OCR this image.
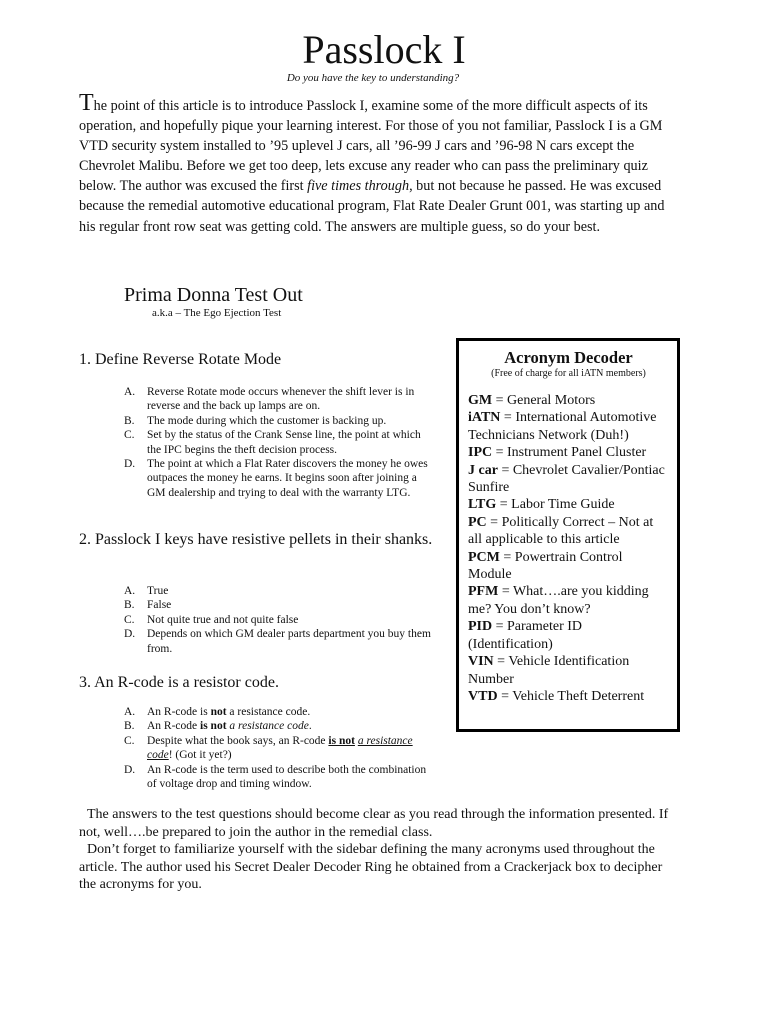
Passlock I
Do you have the key to understanding?
The point of this article is to introduce Passlock I, examine some of the more difficult aspects of its operation, and hopefully pique your learning interest. For those of you not familiar, Passlock I is a GM VTD security system installed to ’95 uplevel J cars, all ’96-99 J cars and ’96-98 N cars except the Chevrolet Malibu. Before we get too deep, lets excuse any reader who can pass the preliminary quiz below. The author was excused the first five times through, but not because he passed. He was excused because the remedial automotive educational program, Flat Rate Dealer Grunt 001, was starting up and his regular front row seat was getting cold. The answers are multiple guess, so do your best.
Prima Donna Test Out
a.k.a – The Ego Ejection Test
1. Define Reverse Rotate Mode
A.	Reverse Rotate mode occurs whenever the shift lever is in reverse and the back up lamps are on.
B.	The mode during which the customer is backing up.
C.	Set by the status of the Crank Sense line, the point at which the IPC begins the theft decision process.
D.	The point at which a Flat Rater discovers the money he owes outpaces the money he earns. It begins soon after joining a GM dealership and trying to deal with the warranty LTG.
2. Passlock I keys have resistive pellets in their shanks.
A.	True
B.	False
C.	Not quite true and not quite false
D.	Depends on which GM dealer parts department you buy them from.
3. An R-code is a resistor code.
A.	An R-code is not a resistance code.
B.	An R-code is not a resistance code.
C.	Despite what the book says, an R-code is not a resistance code! (Got it yet?)
D.	An R-code is the term used to describe both the combination of voltage drop and timing window.
Acronym Decoder
(Free of charge for all iATN members)
GM = General Motors
iATN = International Automotive Technicians Network (Duh!)
IPC = Instrument Panel Cluster
J car = Chevrolet Cavalier/Pontiac Sunfire
LTG = Labor Time Guide
PC = Politically Correct – Not at all applicable to this article
PCM = Powertrain Control Module
PFM = What….are you kidding me? You don’t know?
PID = Parameter ID (Identification)
VIN = Vehicle Identification Number
VTD = Vehicle Theft Deterrent

The answers to the test questions should become clear as you read through the information presented. If not, well….be prepared to join the author in the remedial class.

Don’t forget to familiarize yourself with the sidebar defining the many acronyms used throughout the article. The author used his Secret Dealer Decoder Ring he obtained from a Crackerjack box to decipher the acronyms for you.
